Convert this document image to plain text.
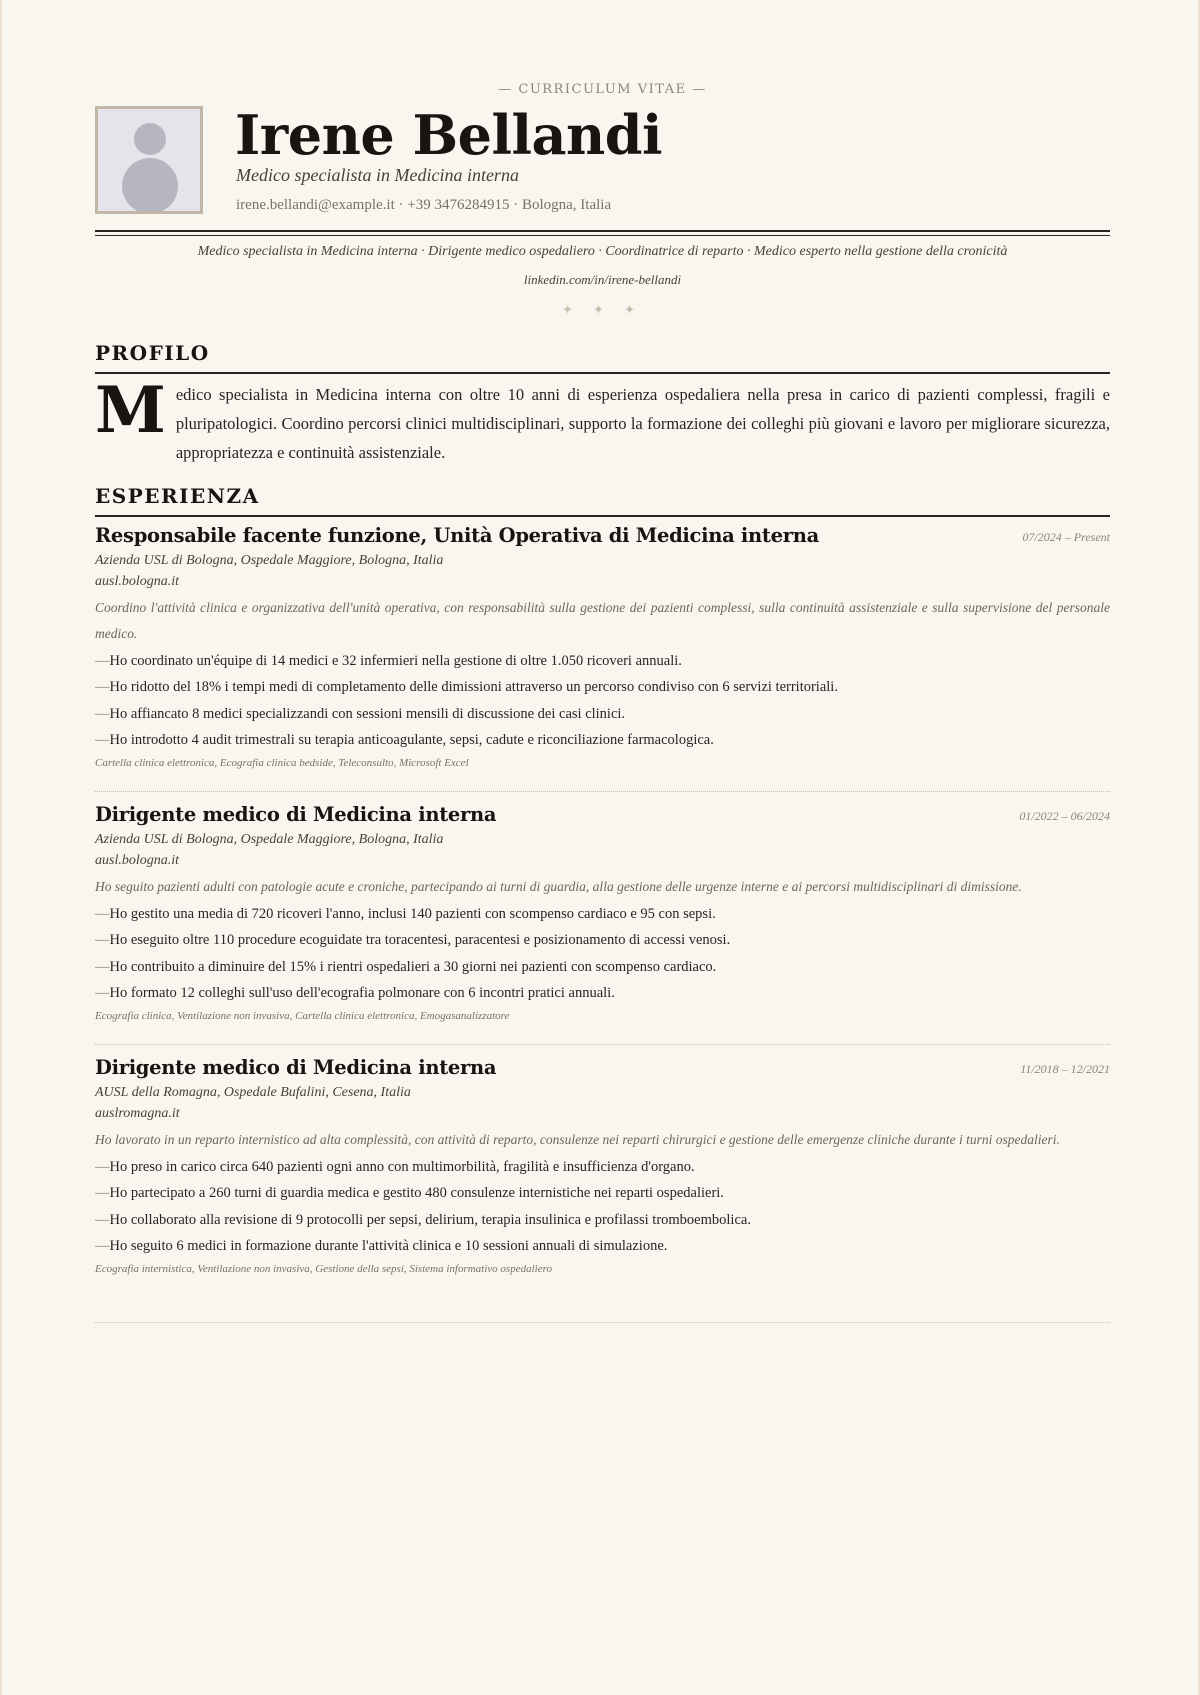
— CURRICULUM VITAE —
Irene Bellandi
Medico specialista in Medicina interna
irene.bellandi@example.it · +39 3476284915 · Bologna, Italia
Medico specialista in Medicina interna · Dirigente medico ospedaliero · Coordinatrice di reparto · Medico esperto nella gestione della cronicità
linkedin.com/in/irene-bellandi
✦ ✦ ✦
PROFILO
Medico specialista in Medicina interna con oltre 10 anni di esperienza ospedaliera nella presa in carico di pazienti complessi, fragili e pluripatologici. Coordino percorsi clinici multidisciplinari, supporto la formazione dei colleghi più giovani e lavoro per migliorare sicurezza, appropriatezza e continuità assistenziale.
ESPERIENZA
Responsabile facente funzione, Unità Operativa di Medicina interna	07/2024 – Present
Azienda USL di Bologna, Ospedale Maggiore, Bologna, Italia
ausl.bologna.it
Coordino l'attività clinica e organizzativa dell'unità operativa, con responsabilità sulla gestione dei pazienti complessi, sulla continuità assistenziale e sulla supervisione del personale medico.
—Ho coordinato un'équipe di 14 medici e 32 infermieri nella gestione di oltre 1.050 ricoveri annuali.
—Ho ridotto del 18% i tempi medi di completamento delle dimissioni attraverso un percorso condiviso con 6 servizi territoriali.
—Ho affiancato 8 medici specializzandi con sessioni mensili di discussione dei casi clinici.
—Ho introdotto 4 audit trimestrali su terapia anticoagulante, sepsi, cadute e riconciliazione farmacologica.
Cartella clinica elettronica, Ecografia clinica bedside, Teleconsulto, Microsoft Excel
Dirigente medico di Medicina interna	01/2022 – 06/2024
Azienda USL di Bologna, Ospedale Maggiore, Bologna, Italia
ausl.bologna.it
Ho seguito pazienti adulti con patologie acute e croniche, partecipando ai turni di guardia, alla gestione delle urgenze interne e ai percorsi multidisciplinari di dimissione.
—Ho gestito una media di 720 ricoveri l'anno, inclusi 140 pazienti con scompenso cardiaco e 95 con sepsi.
—Ho eseguito oltre 110 procedure ecoguidate tra toracentesi, paracentesi e posizionamento di accessi venosi.
—Ho contribuito a diminuire del 15% i rientri ospedalieri a 30 giorni nei pazienti con scompenso cardiaco.
—Ho formato 12 colleghi sull'uso dell'ecografia polmonare con 6 incontri pratici annuali.
Ecografia clinica, Ventilazione non invasiva, Cartella clinica elettronica, Emogasanalizzatore
Dirigente medico di Medicina interna	11/2018 – 12/2021
AUSL della Romagna, Ospedale Bufalini, Cesena, Italia
auslromagna.it
Ho lavorato in un reparto internistico ad alta complessità, con attività di reparto, consulenze nei reparti chirurgici e gestione delle emergenze cliniche durante i turni ospedalieri.
—Ho preso in carico circa 640 pazienti ogni anno con multimorbilità, fragilità e insufficienza d'organo.
—Ho partecipato a 260 turni di guardia medica e gestito 480 consulenze internistiche nei reparti ospedalieri.
—Ho collaborato alla revisione di 9 protocolli per sepsi, delirium, terapia insulinica e profilassi tromboembolica.
—Ho seguito 6 medici in formazione durante l'attività clinica e 10 sessioni annuali di simulazione.
Ecografia internistica, Ventilazione non invasiva, Gestione della sepsi, Sistema informativo ospedaliero
